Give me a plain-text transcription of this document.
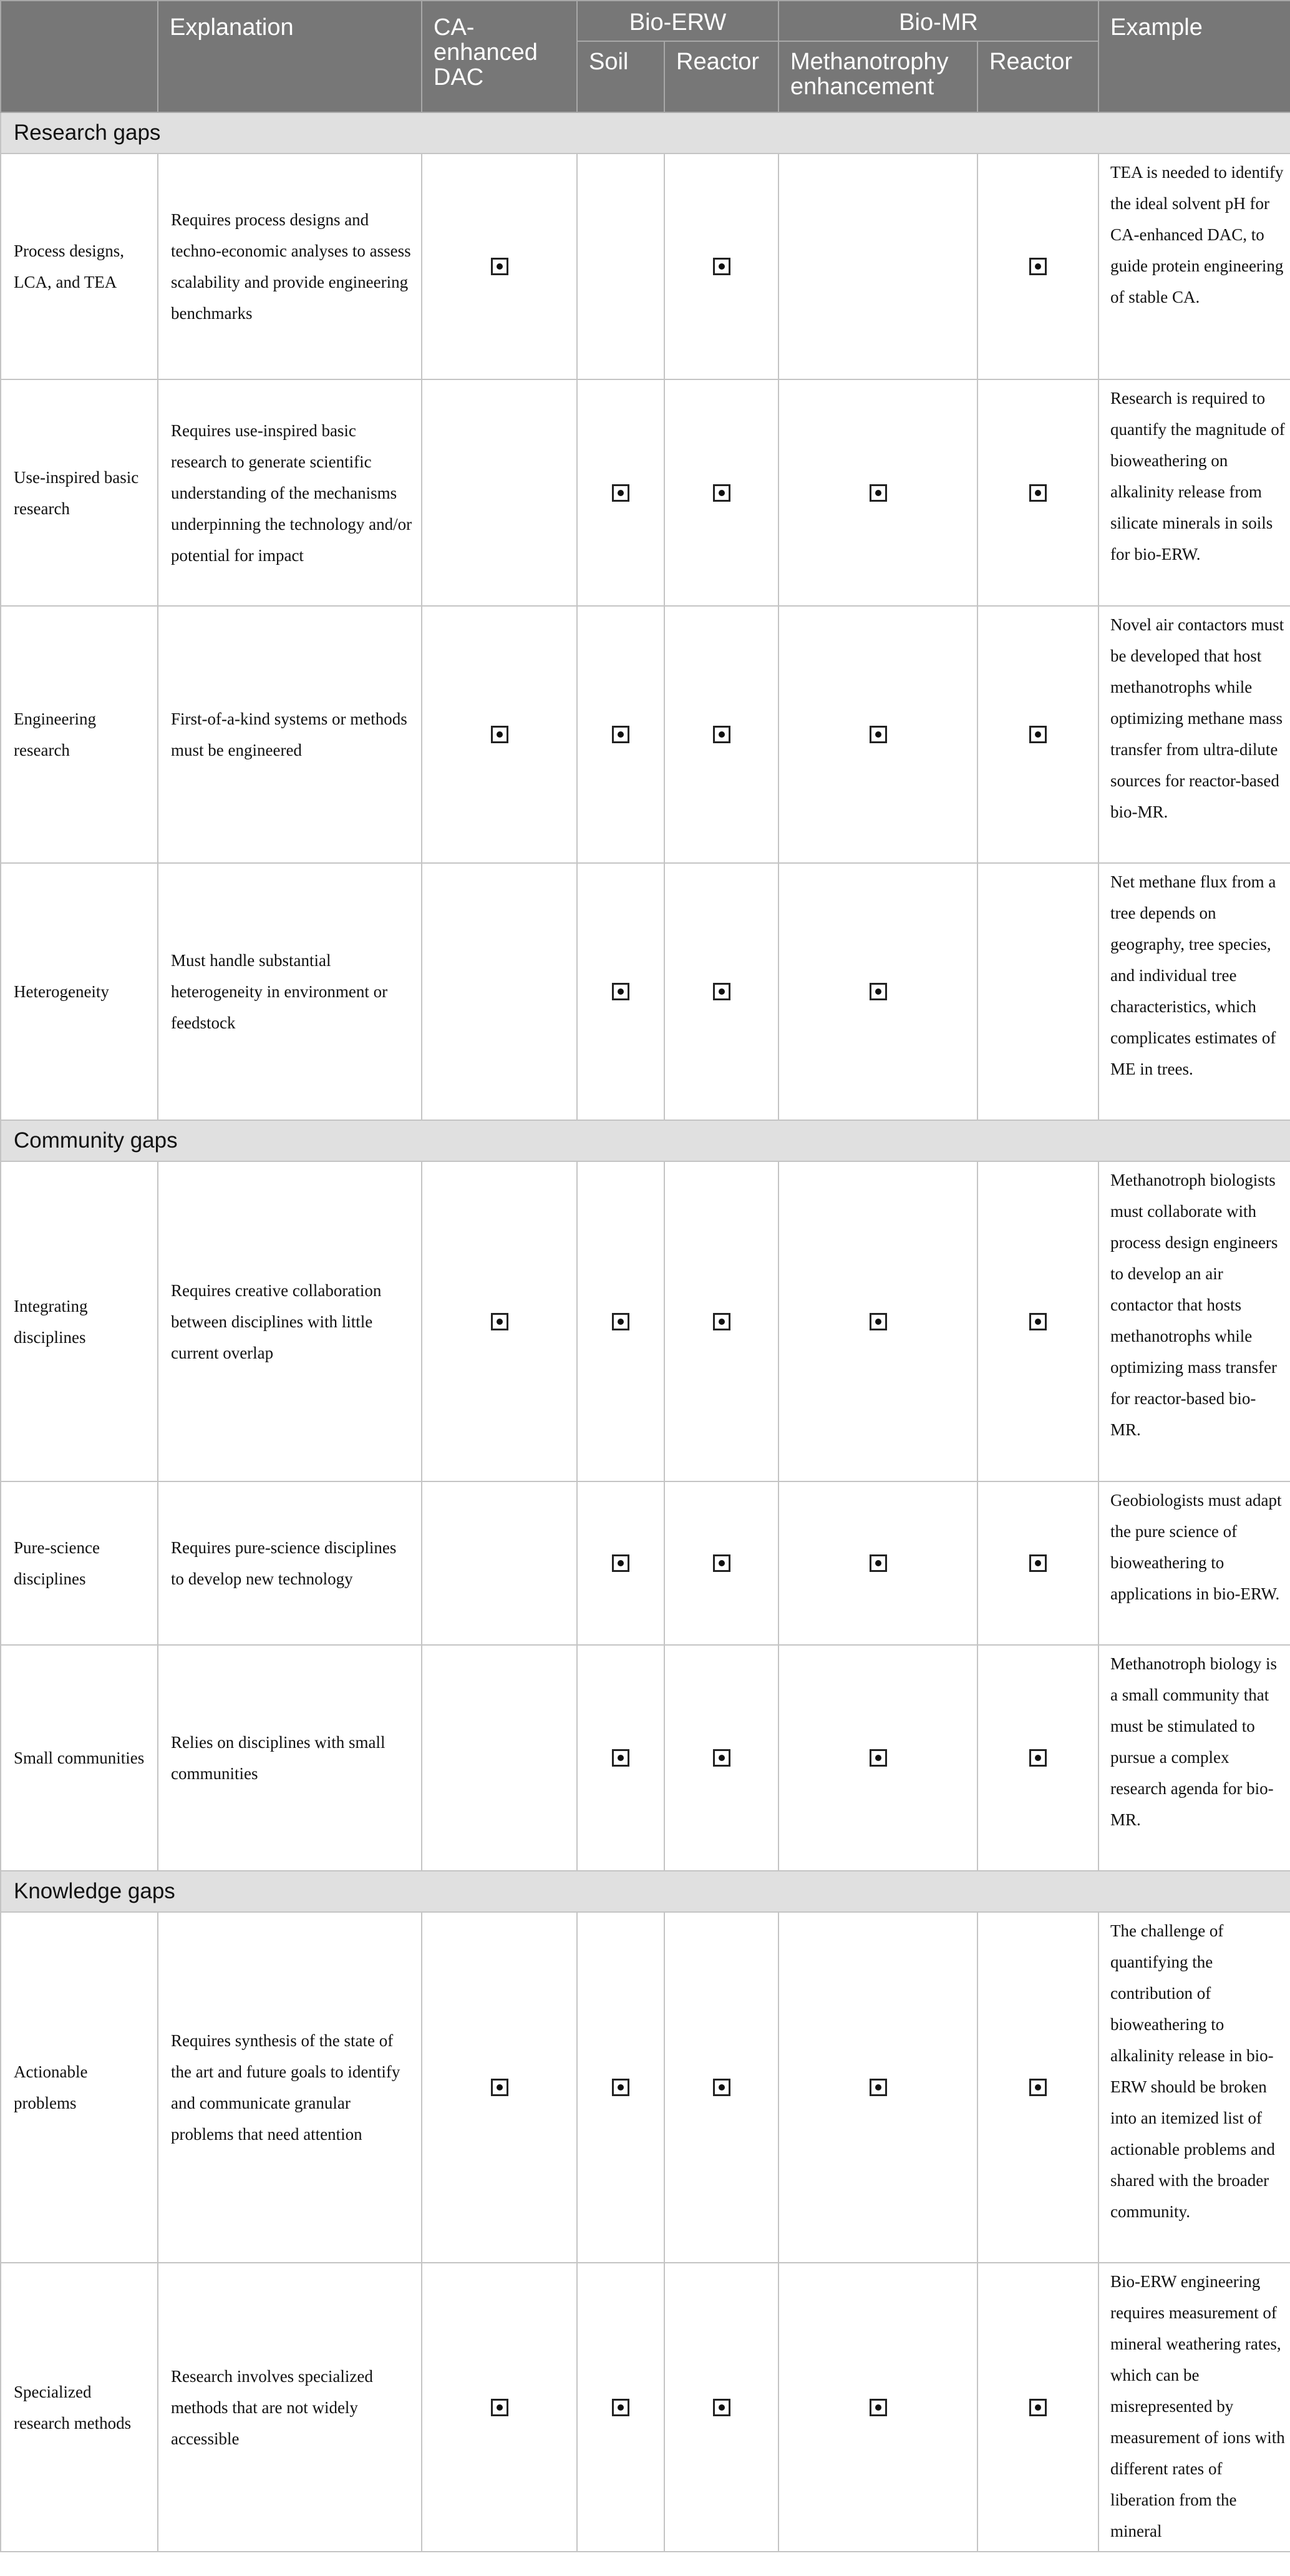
	Explanation	CA-enhanced DAC	Bio-ERW		Bio-MR		Example
			Soil	Reactor	Methanotrophy enhancement	Reactor	
Research gaps							
Process designs, LCA, and TEA	Requires process designs and techno-economic analyses to assess scalability and provide engineering benchmarks						TEA is needed to identify the ideal solvent pH for CA-enhanced DAC, to guide protein engineering of stable CA.
Use-inspired basic research	Requires use-inspired basic research to generate scientific understanding of the mechanisms underpinning the technology and/or potential for impact						Research is required to quantify the magnitude of bioweathering on alkalinity release from silicate minerals in soils for bio-ERW.
Engineering research	First-of-a-kind systems or methods must be engineered						Novel air contactors must be developed that host methanotrophs while optimizing methane mass transfer from ultra-dilute sources for reactor-based bio-MR.
Heterogeneity	Must handle substantial heterogeneity in environment or feedstock						Net methane flux from a tree depends on geography, tree species, and individual tree characteristics, which complicates estimates of ME in trees.
Community gaps							
Integrating disciplines	Requires creative collaboration between disciplines with little current overlap						Methanotroph biologists must collaborate with process design engineers to develop an air contactor that hosts methanotrophs while optimizing mass transfer for reactor-based bio-MR.
Pure-science disciplines	Requires pure-science disciplines to develop new technology						Geobiologists must adapt the pure science of bioweathering to applications in bio-ERW.
Small communities	Relies on disciplines with small communities						Methanotroph biology is a small community that must be stimulated to pursue a complex research agenda for bio-MR.
Knowledge gaps							
Actionable problems	Requires synthesis of the state of the art and future goals to identify and communicate granular problems that need attention						The challenge of quantifying the contribution of bioweathering to alkalinity release in bio-ERW should be broken into an itemized list of actionable problems and shared with the broader community.
Specialized research methods	Research involves specialized methods that are not widely accessible						Bio-ERW engineering requires measurement of mineral weathering rates, which can be misrepresented by measurement of ions with different rates of liberation from the mineral
